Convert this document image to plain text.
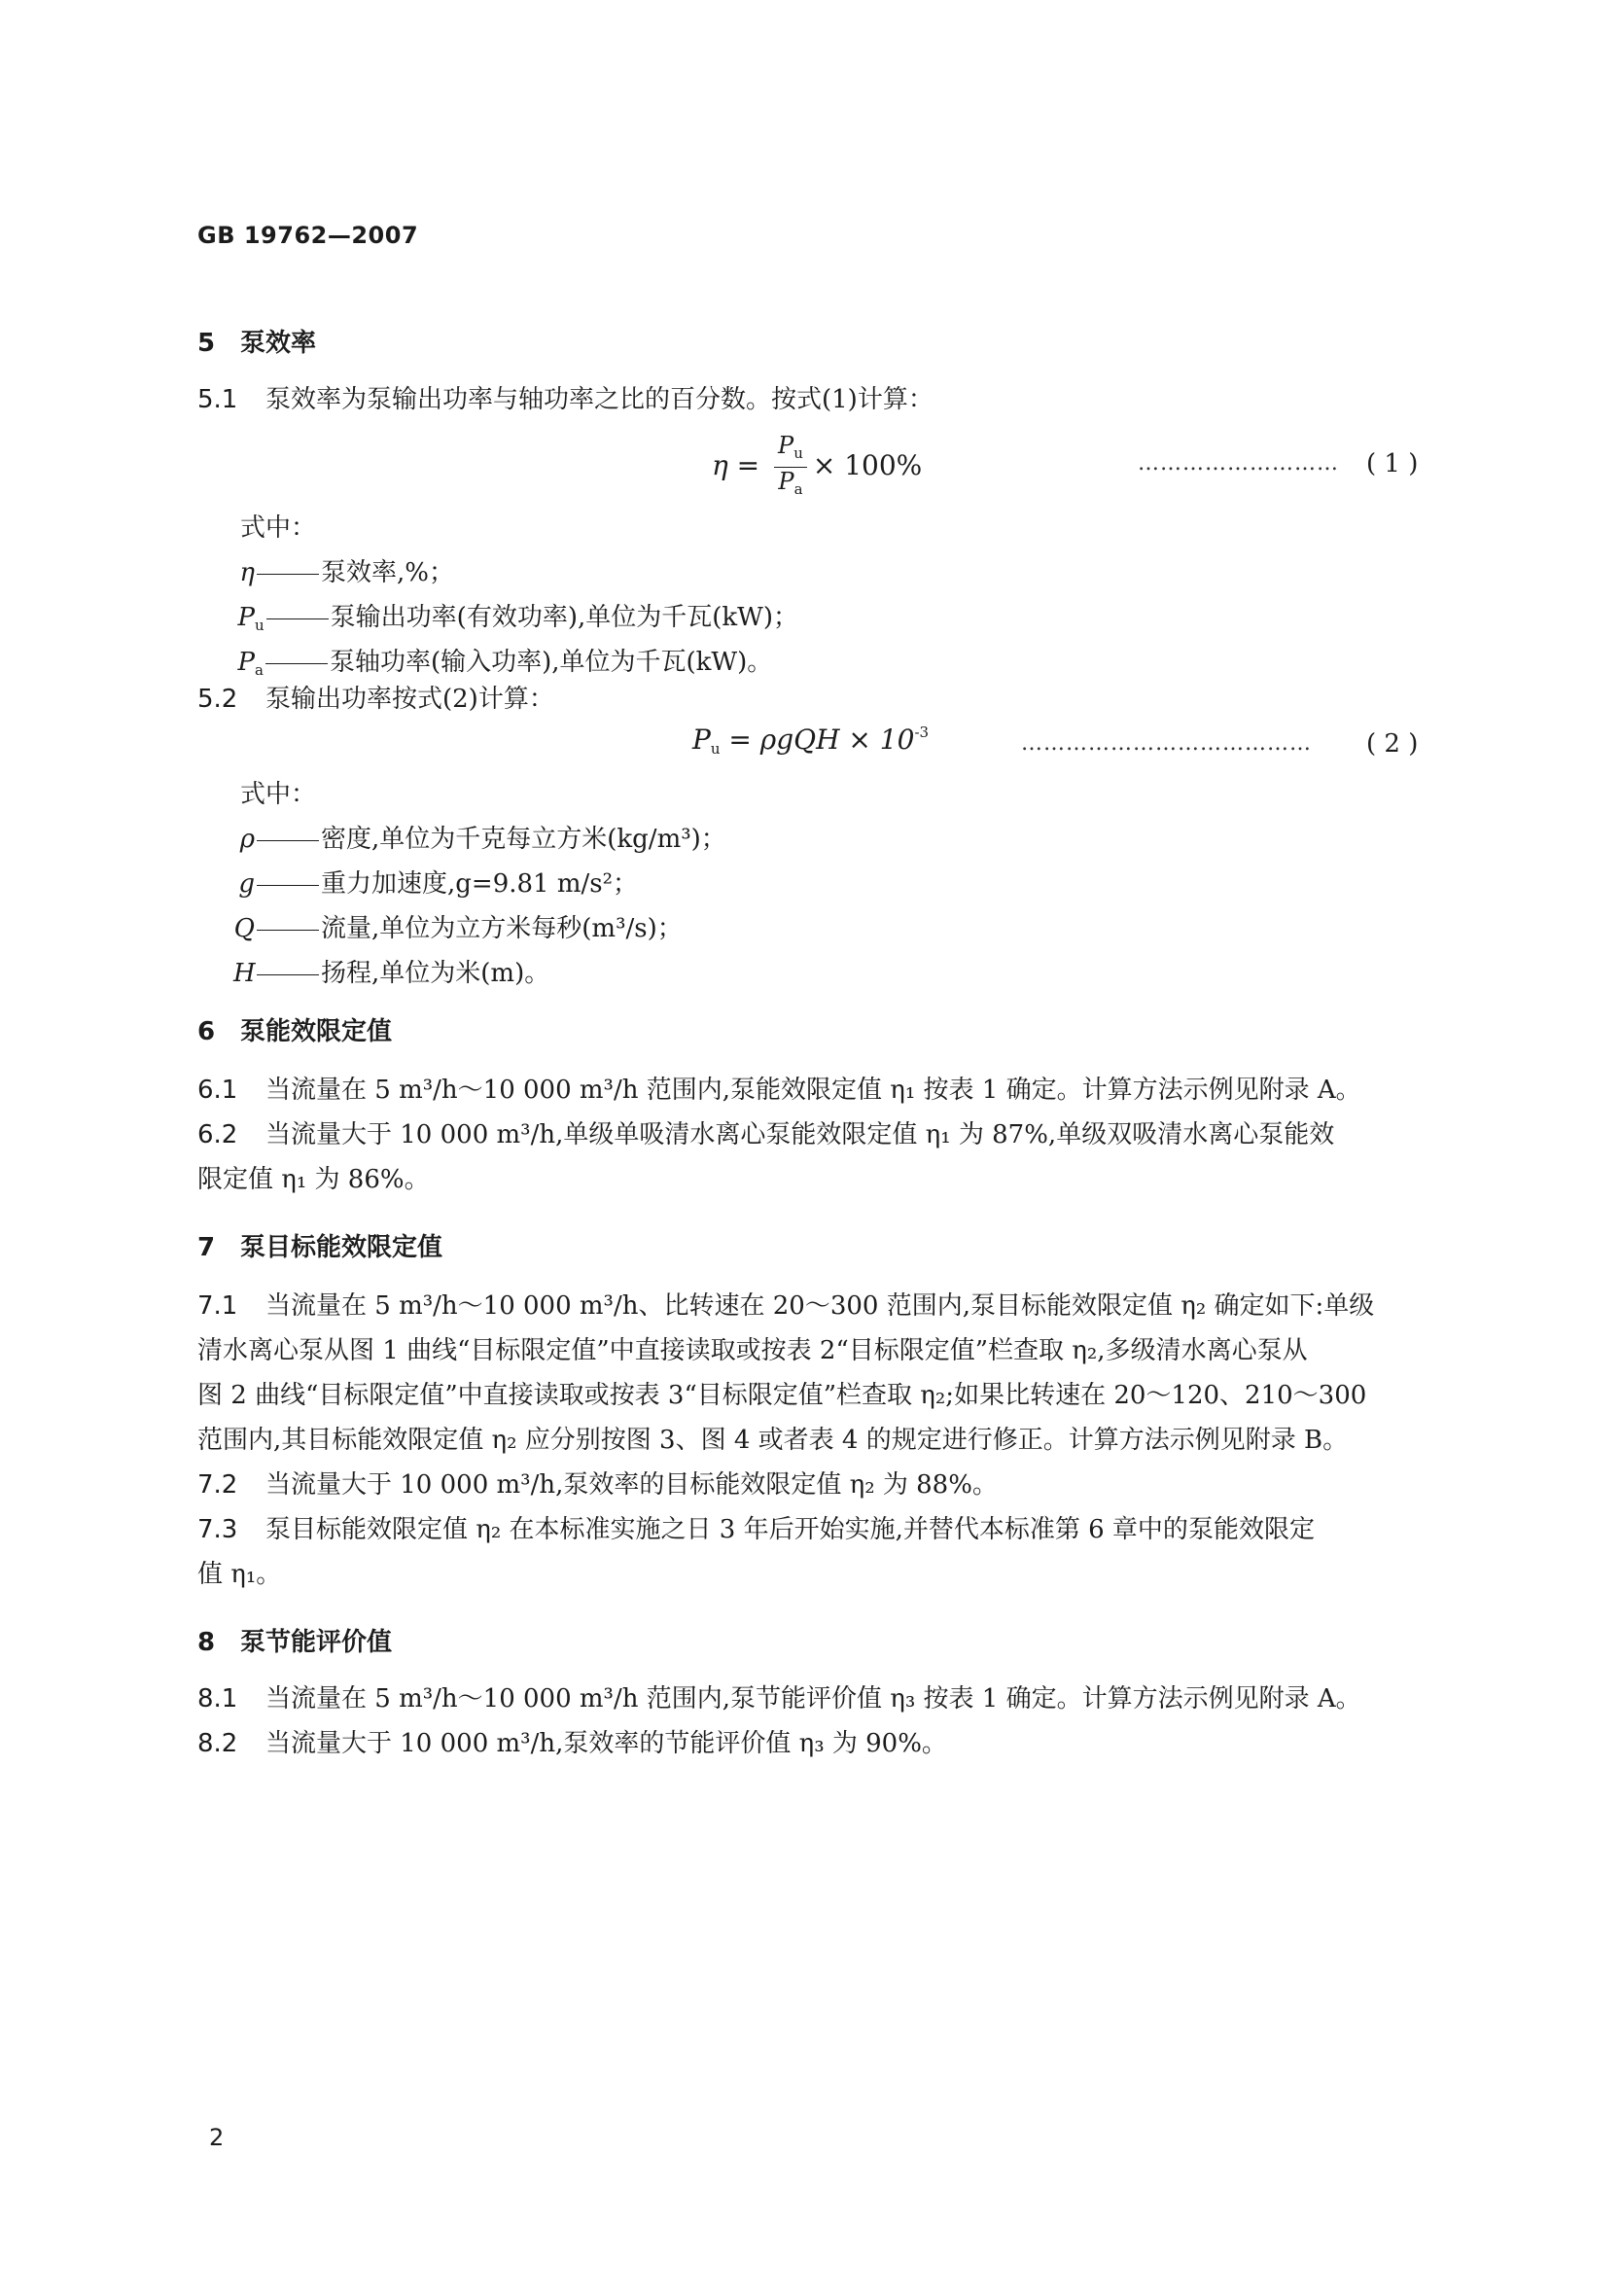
GB 19762—2007
5 泵效率
5.1 泵效率为泵输出功率与轴功率之比的百分数。按式(1)计算：
$\eta = \frac{P_u}{P_a} \times 100\%$	……………………… ( 1 )
式中：
η	泵效率,%；
$P_u$	泵输出功率(有效功率),单位为千瓦(kW)；
$P_a$	泵轴功率(输入功率),单位为千瓦(kW)。
5.2 泵输出功率按式(2)计算：
$P_u = \rho gQH \times 10^{-3}$	………………………………… ( 2 )
式中：
ρ	密度,单位为千克每立方米(kg/m³)；
g	重力加速度,g=9.81 m/s²；
Q	流量,单位为立方米每秒(m³/s)；
H	扬程,单位为米(m)。
6 泵能效限定值
6.1 当流量在 5 m³/h～10 000 m³/h 范围内,泵能效限定值 η₁ 按表 1 确定。计算方法示例见附录 A。
6.2 当流量大于 10 000 m³/h,单级单吸清水离心泵能效限定值 η₁ 为 87%,单级双吸清水离心泵能效
限定值 η₁ 为 86%。
7 泵目标能效限定值
7.1 当流量在 5 m³/h～10 000 m³/h、比转速在 20～300 范围内,泵目标能效限定值 η₂ 确定如下:单级
清水离心泵从图 1 曲线“目标限定值”中直接读取或按表 2“目标限定值”栏查取 η₂,多级清水离心泵从
图 2 曲线“目标限定值”中直接读取或按表 3“目标限定值”栏查取 η₂;如果比转速在 20～120、210～300
范围内,其目标能效限定值 η₂ 应分别按图 3、图 4 或者表 4 的规定进行修正。计算方法示例见附录 B。
7.2 当流量大于 10 000 m³/h,泵效率的目标能效限定值 η₂ 为 88%。
7.3 泵目标能效限定值 η₂ 在本标准实施之日 3 年后开始实施,并替代本标准第 6 章中的泵能效限定
值 η₁。
8 泵节能评价值
8.1 当流量在 5 m³/h～10 000 m³/h 范围内,泵节能评价值 η₃ 按表 1 确定。计算方法示例见附录 A。
8.2 当流量大于 10 000 m³/h,泵效率的节能评价值 η₃ 为 90%。
2
